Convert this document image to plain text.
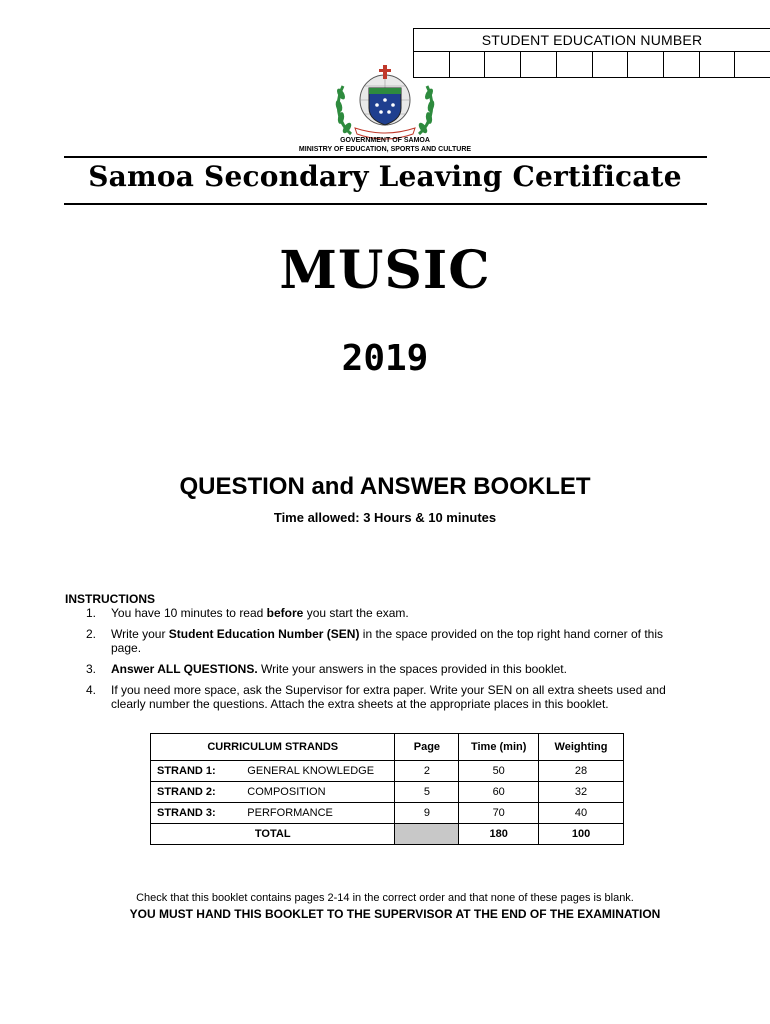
STUDENT EDUCATION NUMBER
GOVERNMENT OF SAMOA
MINISTRY OF EDUCATION, SPORTS AND CULTURE
Samoa Secondary Leaving Certificate
MUSIC
2019
QUESTION and ANSWER BOOKLET
Time allowed: 3 Hours & 10 minutes
INSTRUCTIONS
1.	You have 10 minutes to read before you start the exam.
2.	Write your Student Education Number (SEN) in the space provided on the top right hand corner of this page.
3.	Answer ALL QUESTIONS. Write your answers in the spaces provided in this booklet.
4.	If you need more space, ask the Supervisor for extra paper. Write your SEN on all extra sheets used and clearly number the questions. Attach the extra sheets at the appropriate places in this booklet.
CURRICULUM STRANDS		Page	Time (min)	Weighting
STRAND 1:	GENERAL KNOWLEDGE	2	50	28
STRAND 2:	COMPOSITION	5	60	32
STRAND 3:	PERFORMANCE	9	70	40
TOTAL			180	100
Check that this booklet contains pages 2-14 in the correct order and that none of these pages is blank.
YOU MUST HAND THIS BOOKLET TO THE SUPERVISOR AT THE END OF THE EXAMINATION
